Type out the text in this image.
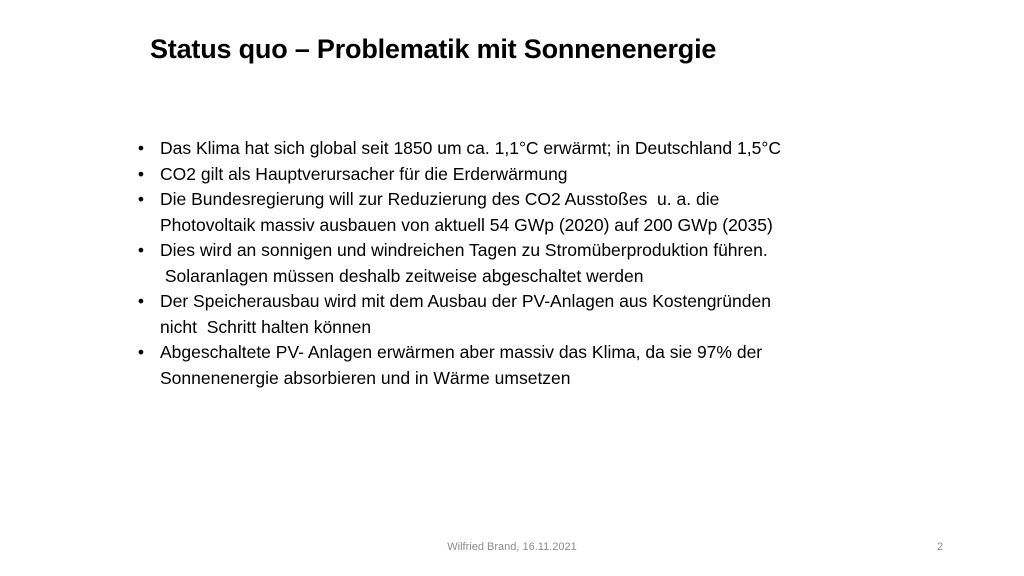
Status quo – Problematik mit Sonnenenergie
• Das Klima hat sich global seit 1850 um ca. 1,1°C erwärmt; in Deutschland 1,5°C
• CO2 gilt als Hauptverursacher für die Erderwärmung
• Die Bundesregierung will zur Reduzierung des CO2 Ausstoßes  u. a. die
Photovoltaik massiv ausbauen von aktuell 54 GWp (2020) auf 200 GWp (2035)
• Dies wird an sonnigen und windreichen Tagen zu Stromüberproduktion führen.
Solaranlagen müssen deshalb zeitweise abgeschaltet werden
• Der Speicherausbau wird mit dem Ausbau der PV-Anlagen aus Kostengründen
nicht  Schritt halten können
• Abgeschaltete PV- Anlagen erwärmen aber massiv das Klima, da sie 97% der
Sonnenenergie absorbieren und in Wärme umsetzen
Wilfried Brand, 16.11.2021	2
